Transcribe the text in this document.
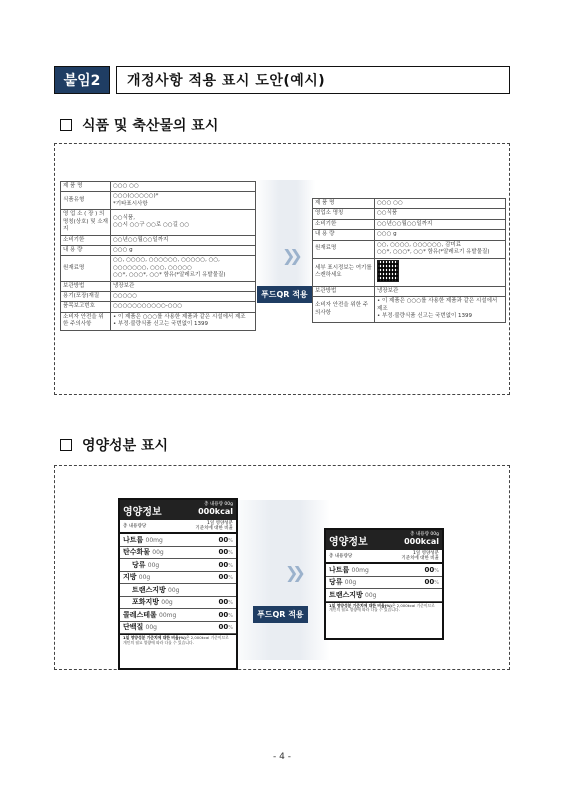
붙임2	개정사항 적용 표시 도안(예시)
식품 및 축산물의 표시
❯❯
푸드QR 적용
제 품 명	○○○ ○○

식품유형	○○○(○○○○○)*
*기타표시사항

영 업 소 ( 장 ) 의 명칭(상호) 및 소재지	○○식품,
○○시 ○○구 ○○로 ○○길 ○○

소비기한	○○년○○월○○일까지

내 용 량	○○○ g

원재료명	○○, ○○○○, ○○○○○○, ○○○○○, ○○, ○○○○○○○, ○○○, ○○○○○
○○*, ○○○*, ○○* 함유(*알레르기 유발물질)

보관방법	냉장보관

용기(포장)재질	○○○○○

품목보고번호	○○○○○○○○○○○-○○○

소비자 안전을 위한 주의사항	• 이 제품은 ○○○를 사용한 제품과 같은 시설에서 제조
• 부정·불량식품 신고는 국번없이 1399
제 품 명	○○○ ○○

영업소 명칭	○○식품

소비기한	○○년○○월○○일까지

내 용 량	○○○ g

원재료명	○○, ○○○○, ○○○○○○, 감미료
○○*, ○○○*, ○○* 함유(*알레르기 유발물질)

세부 표시정보는 여기를 스캔하세요	
보관방법	냉장보관

소비자 안전을 위한 주의사항	• 이 제품은 ○○○를 사용한 제품과 같은 시설에서 제조
• 부정·불량식품 신고는 국번없이 1399
영양성분 표시
❯❯
푸드QR 적용
영양정보
총 내용량 00g
000kcal
총 내용량당
1일 영양성분
기준치에 대한 비율
나트륨 00mg	00%
탄수화물 00g	00%
당류 00g	00%
지방 00g	00%
트랜스지방 00g
포화지방 00g	00%
콜레스테롤 00mg	00%
단백질 00g	00%
1일 영양성분 기준치에 대한 비율(%)은 2,000kcal 기준이므로 개인의 필요 열량에 따라 다를 수 있습니다.
영양정보
총 내용량 00g
000kcal
총 내용량당
1일 영양성분
기준치에 대한 비율
나트륨 00mg	00%
당류 00g	00%
트랜스지방 00g
1일 영양성분 기준치에 대한 비율(%)은 2,000kcal 기준이므로 개인의 필요 열량에 따라 다를 수 있습니다.
- 4 -
